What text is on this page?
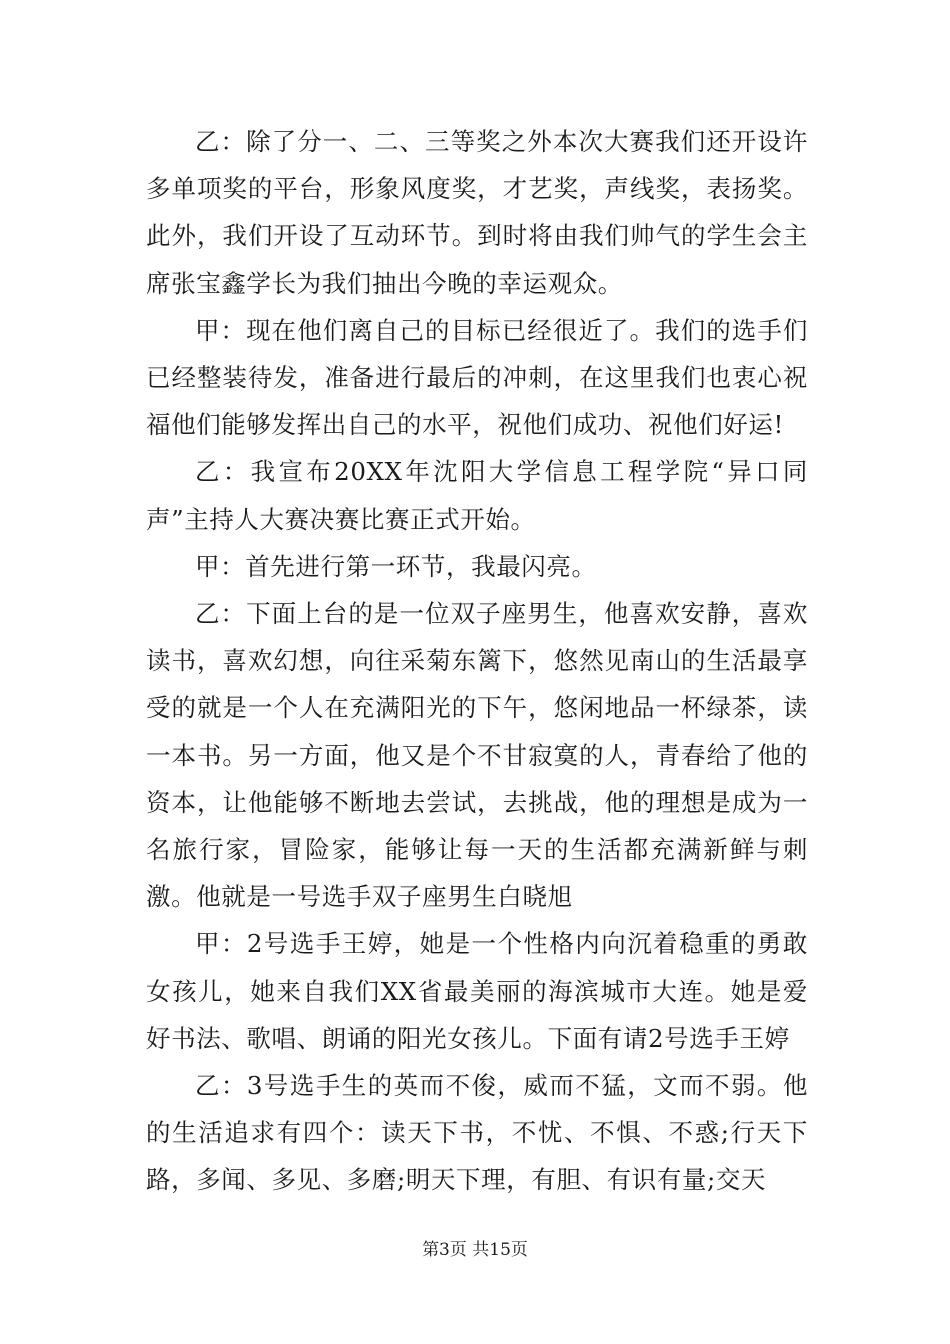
乙：除了分一、二、三等奖之外本次大赛我们还开设许多单项奖的平台，形象风度奖，才艺奖，声线奖，表扬奖。此外，我们开设了互动环节。到时将由我们帅气的学生会主席张宝鑫学长为我们抽出今晚的幸运观众。

甲：现在他们离自己的目标已经很近了。我们的选手们已经整装待发，准备进行最后的冲刺，在这里我们也衷心祝福他们能够发挥出自己的水平，祝他们成功、祝他们好运!

乙：我宣布20XX年沈阳大学信息工程学院“异口同声”主持人大赛决赛比赛正式开始。

甲：首先进行第一环节，我最闪亮。

乙：下面上台的是一位双子座男生，他喜欢安静，喜欢读书，喜欢幻想，向往采菊东篱下，悠然见南山的生活最享受的就是一个人在充满阳光的下午，悠闲地品一杯绿茶，读一本书。另一方面，他又是个不甘寂寞的人，青春给了他的资本，让他能够不断地去尝试，去挑战，他的理想是成为一名旅行家，冒险家，能够让每一天的生活都充满新鲜与刺激。他就是一号选手双子座男生白晓旭

甲：2号选手王婷，她是一个性格内向沉着稳重的勇敢女孩儿，她来自我们XX省最美丽的海滨城市大连。她是爱好书法、歌唱、朗诵的阳光女孩儿。下面有请2号选手王婷

乙：3号选手生的英而不俊，威而不猛，文而不弱。他的生活追求有四个：读天下书，不忧、不惧、不惑;行天下路，多闻、多见、多磨;明天下理，有胆、有识有量;交天

第3页 共15页
